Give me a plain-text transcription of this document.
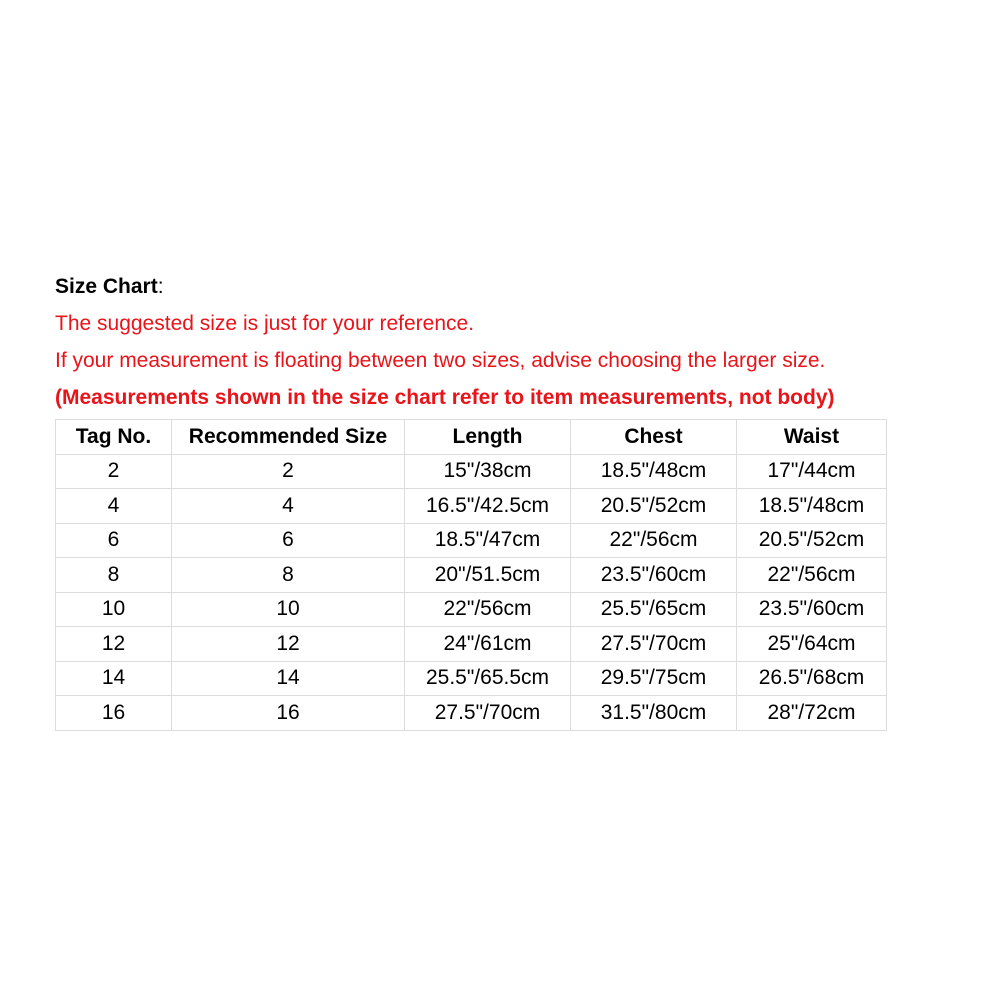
Size Chart:
The suggested size is just for your reference.
If your measurement is floating between two sizes, advise choosing the larger size.
(Measurements shown in the size chart refer to item measurements, not body)
Tag No.	Recommended Size	Length	Chest	Waist
2	2	15"/38cm	18.5"/48cm	17"/44cm
4	4	16.5"/42.5cm	20.5"/52cm	18.5"/48cm
6	6	18.5"/47cm	22"/56cm	20.5"/52cm
8	8	20"/51.5cm	23.5"/60cm	22"/56cm
10	10	22"/56cm	25.5"/65cm	23.5"/60cm
12	12	24"/61cm	27.5"/70cm	25"/64cm
14	14	25.5"/65.5cm	29.5"/75cm	26.5"/68cm
16	16	27.5"/70cm	31.5"/80cm	28"/72cm
